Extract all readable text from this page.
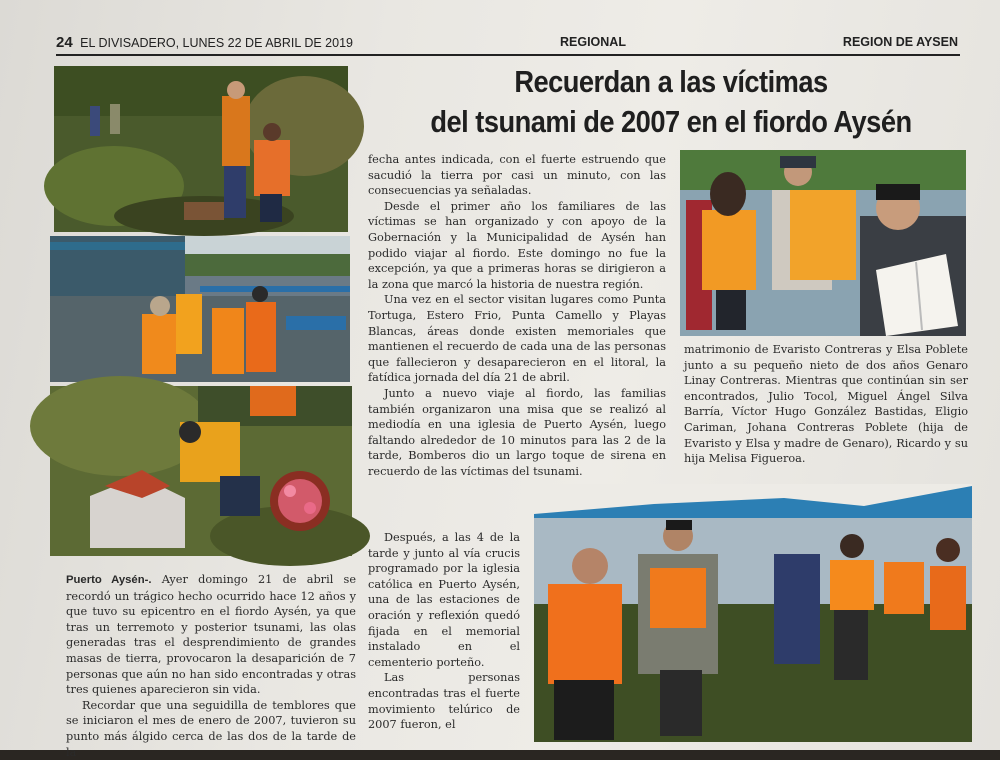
24 EL DIVISADERO, LUNES 22 DE ABRIL DE 2019	REGIONAL	REGION DE AYSEN
Recuerdan a las víctimas
del tsunami de 2007 en el fiordo Aysén

Puerto Aysén-. Ayer domingo 21 de abril se recordó un trágico hecho ocurrido hace 12 años y que tuvo su epicentro en el fiordo Aysén, ya que tras un terremoto y posterior tsunami, las olas generadas tras el desprendimiento de grandes masas de tierra, provocaron la desaparición de 7 personas que aún no han sido encontradas y otras tres quienes aparecieron sin vida.

Recordar que una seguidilla de temblores que se iniciaron el mes de enero de 2007, tuvieron su punto más álgido cerca de las dos de la tarde de la

fecha antes indicada, con el fuerte estruendo que sacudió la tierra por casi un minuto, con las consecuencias ya señaladas.

Desde el primer año los familiares de las víctimas se han organizado y con apoyo de la Gobernación y la Municipalidad de Aysén han podido viajar al fiordo. Este domingo no fue la excepción, ya que a primeras horas se dirigieron a la zona que marcó la historia de nuestra región.

Una vez en el sector visitan lugares como Punta Tortuga, Estero Frio, Punta Camello y Playas Blancas, áreas donde existen memoriales que mantienen el recuerdo de cada una de las personas que fallecieron y desaparecieron en el litoral, la fatídica jornada del día 21 de abril.

Junto a nuevo viaje al fiordo, las familias también organizaron una misa que se realizó al mediodía en una iglesia de Puerto Aysén, luego faltando alrededor de 10 minutos para las 2 de la tarde, Bomberos dio un largo toque de sirena en recuerdo de las víctimas del tsunami.

Después, a las 4 de la tarde y junto al vía crucis programado por la iglesia católica en Puerto Aysén, una de las estaciones de oración y reflexión quedó fijada en el memorial instalado en el cementerio porteño.

Las personas encontradas tras el fuerte movimiento telúrico de 2007 fueron, el

matrimonio de Evaristo Contreras y Elsa Poblete junto a su pequeño nieto de dos años Genaro Linay Contreras. Mientras que continúan sin ser encontrados, Julio Tocol, Miguel Ángel Silva Barría, Víctor Hugo González Bastidas, Eligio Cariman, Johana Contreras Poblete (hija de Evaristo y Elsa y madre de Genaro), Ricardo y su hija Melisa Figueroa.
